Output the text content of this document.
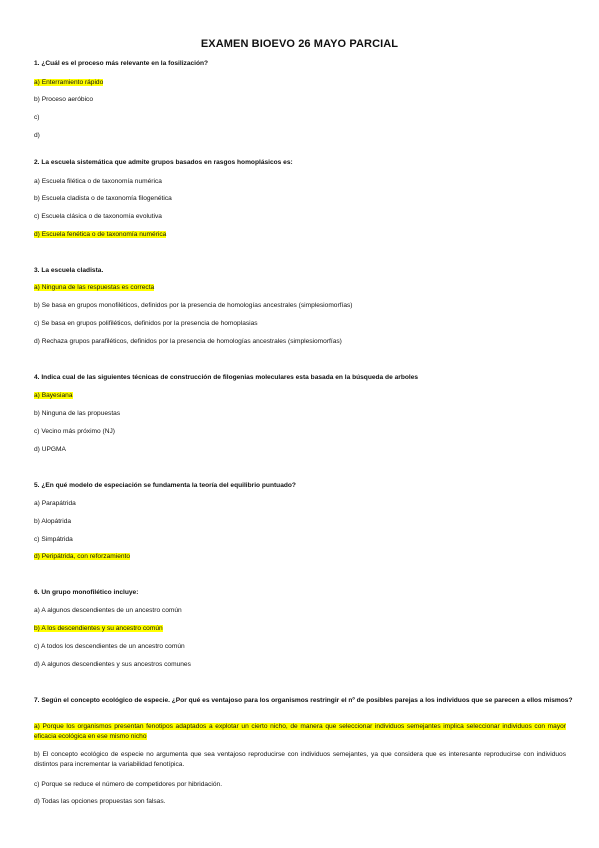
EXAMEN BIOEVO 26 MAYO PARCIAL
1. ¿Cuál es el proceso más relevante en la fosilización?
a) Enterramiento rápido
b) Proceso aeróbico
c)
d)
2. La escuela sistemática que admite grupos basados en rasgos homoplásicos es:
a) Escuela filética o de taxonomía numérica
b) Escuela cladista o de taxonomía filogenética
c) Escuela clásica o de taxonomía evolutiva
d) Escuela fenética o de taxonomía numérica
3. La escuela cladista.
a) Ninguna de las respuestas es correcta
b) Se basa en grupos monofiléticos, definidos por la presencia de homologías ancestrales (simplesiomorfías)
c) Se basa en grupos polifiléticos, definidos por la presencia de homoplasias
d) Rechaza grupos parafiléticos, definidos por la presencia de homologías ancestrales (simplesiomorfías)
4. Indica cual de las siguientes técnicas de construcción de filogenias moleculares esta basada en la búsqueda de arboles
a) Bayesiana
b) Ninguna de las propuestas
c) Vecino más próximo (NJ)
d) UPGMA
5. ¿En qué modelo de especiación se fundamenta la teoría del equilibrio puntuado?
a) Parapátrida
b) Alopátrida
c) Simpátrida
d) Peripátrida, con reforzamiento
6. Un grupo monofilético incluye:
a) A algunos descendientes de un ancestro común
b) A los descendientes y su ancestro común
c) A todos los descendientes de un ancestro común
d) A algunos descendientes y sus ancestros comunes
7. Según el concepto ecológico de especie. ¿Por qué es ventajoso para los organismos restringir el nº de posibles parejas a los individuos que se parecen a ellos mismos?
a) Porque los organismos presentan fenotipos adaptados a explotar un cierto nicho, de manera que seleccionar individuos semejantes implica seleccionar individuos con mayor eficacia ecológica en ese mismo nicho
b) El concepto ecológico de especie no argumenta que sea ventajoso reproducirse con individuos semejantes, ya que considera que es interesante reproducirse con individuos distintos para incrementar la variabilidad fenotípica.
c) Porque se reduce el número de competidores por hibridación.
d) Todas las opciones propuestas son falsas.
